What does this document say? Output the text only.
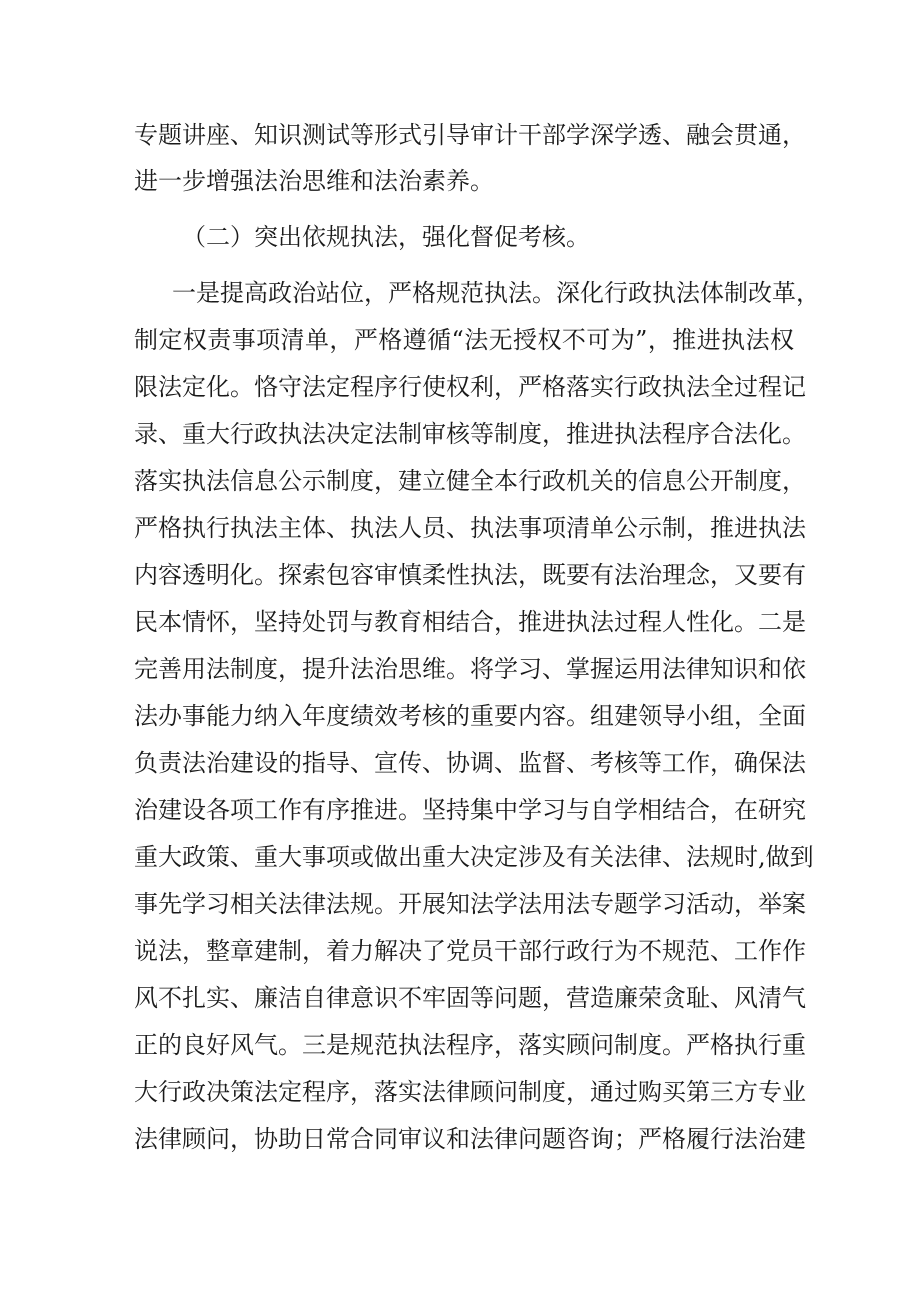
专题讲座、知识测试等形式引导审计干部学深学透、融会贯通，
进一步增强法治思维和法治素养。
（二）突出依规执法，强化督促考核。
一是提高政治站位，严格规范执法。深化行政执法体制改革，
制定权责事项清单，严格遵循“法无授权不可为”，推进执法权
限法定化。恪守法定程序行使权利，严格落实行政执法全过程记
录、重大行政执法决定法制审核等制度，推进执法程序合法化。
落实执法信息公示制度，建立健全本行政机关的信息公开制度，
严格执行执法主体、执法人员、执法事项清单公示制，推进执法
内容透明化。探索包容审慎柔性执法，既要有法治理念，又要有
民本情怀，坚持处罚与教育相结合，推进执法过程人性化。二是
完善用法制度，提升法治思维。将学习、掌握运用法律知识和依
法办事能力纳入年度绩效考核的重要内容。组建领导小组，全面
负责法治建设的指导、宣传、协调、监督、考核等工作，确保法
治建设各项工作有序推进。坚持集中学习与自学相结合，在研究
重大政策、重大事项或做出重大决定涉及有关法律、法规时,做到
事先学习相关法律法规。开展知法学法用法专题学习活动，举案
说法，整章建制，着力解决了党员干部行政行为不规范、工作作
风不扎实、廉洁自律意识不牢固等问题，营造廉荣贪耻、风清气
正的良好风气。三是规范执法程序，落实顾问制度。严格执行重
大行政决策法定程序，落实法律顾问制度，通过购买第三方专业
法律顾问，协助日常合同审议和法律问题咨询；严格履行法治建
